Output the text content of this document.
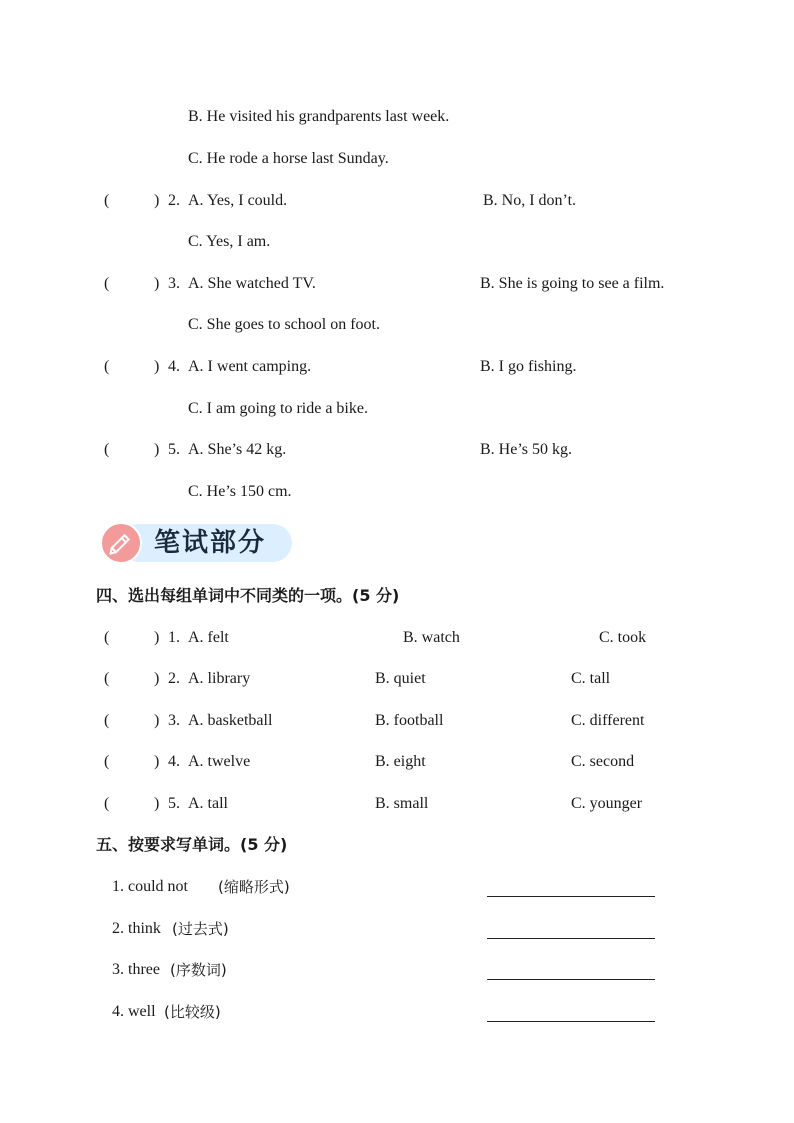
B. He visited his grandparents last week.
C. He rode a horse last Sunday.
(	) 2. A. Yes, I could.	B. No, I don’t.
C. Yes, I am.
(	) 3. A. She watched TV.	B. She is going to see a film.
C. She goes to school on foot.
(	) 4. A. I went camping.	B. I go fishing.
C. I am going to ride a bike.
(	) 5. A. She’s 42 kg.	B. He’s 50 kg.
C. He’s 150 cm.
笔试部分
四、选出每组单词中不同类的一项。(5 分)
(	) 1. A. felt	B. watch	C. took
(	) 2. A. library	B. quiet	C. tall
(	) 3. A. basketball	B. football	C. different
(	) 4. A. twelve	B. eight	C. second
(	) 5. A. tall	B. small	C. younger
五、按要求写单词。(5 分)
1. could not (缩略形式)
2. think (过去式)
3. three (序数词)
4. well (比较级)
